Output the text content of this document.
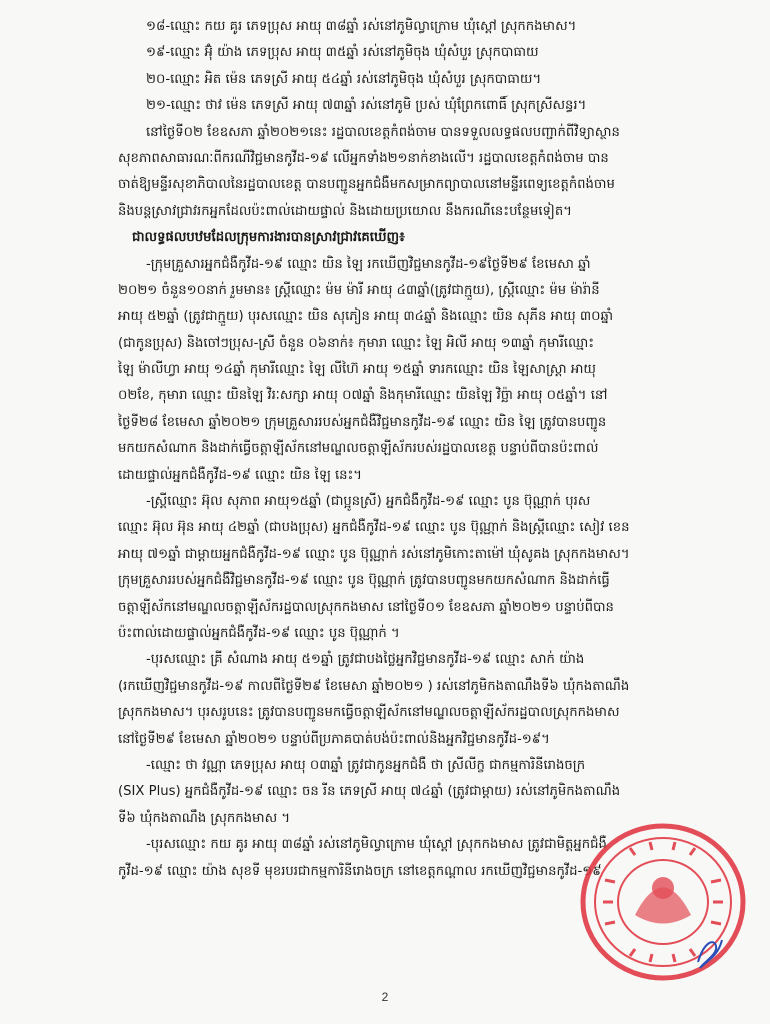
១៨-ឈ្មោះ កយ គូរ ភេទប្រុស អាយុ ៣៨ឆ្នាំ រស់នៅភូមិល្វាក្រោម ឃុំស្ដៅ ស្រុកកងមាស។
១៩-ឈ្មោះ អ៊ុំ យ៉ាង ភេទប្រុស អាយុ ៣៥ឆ្នាំ រស់នៅភូមិចុង ឃុំសំបួរ ស្រុកបាធាយ
២០-ឈ្មោះ អិត ម៉េន ភេទស្រី អាយុ ៥៤ឆ្នាំ រស់នៅភូមិចុង ឃុំសំបួរ ស្រុកបាធាយ។
២១-ឈ្មោះ ថាវ ម៉េន ភេទស្រី អាយុ ៧៣ឆ្នាំ រស់នៅភូមិ ប្រស់ ឃុំព្រែកពោធិ៍ ស្រុកស្រីសន្ធរ។
នៅថ្ងៃទី០២ ខែឧសភា ឆ្នាំ២០២១នេះ រដ្ឋបាលខេត្តកំពង់ចាម បានទទួលលទ្ធផលបញ្ជាក់ពីវិទ្យាស្ថាន
សុខភាពសាធារណៈពីករណីវិជ្ជមានកូវីដ-១៩ លើអ្នកទាំង២១នាក់ខាងលើ។ រដ្ឋបាលខេត្តកំពង់ចាម បាន
ចាត់ឱ្យមន្ទីរសុខាភិបាលនៃរដ្ឋបាលខេត្ត បានបញ្ជូនអ្នកជំងឺមកសម្រាកព្យាបាលនៅមន្ទីរពេទ្យខេត្តកំពង់ចាម
និងបន្តស្រាវជ្រាវរកអ្នកដែលប៉ះពាល់ដោយផ្ទាល់ និងដោយប្រយោល នឹងករណីនេះបន្ថែមទៀត។
ជាលទ្ធផលបឋមដែលក្រុមការងារបានស្រាវជ្រាវគេឃើញ៖
-ក្រុមគ្រួសារអ្នកជំងឺកូវីដ-១៩ ឈ្មោះ យិន ឡៃ រកឃើញវិជ្ជមានកូវីដ-១៩ថ្ងៃទី២៩ ខែមេសា ឆ្នាំ
២០២១ ចំនួន១០នាក់ រួមមាន៖ ស្ត្រីឈ្មោះ ម៉ម ម៉ារី អាយុ ៤៣ឆ្នាំ(ត្រូវជាក្មួយ), ស្ត្រីឈ្មោះ ម៉ម ម៉ារ៉ានី
អាយុ ៥២ឆ្នាំ (ត្រូវជាក្មួយ) បុរសឈ្មោះ យិន សុភៀន អាយុ ៣៤ឆ្នាំ និងឈ្មោះ យិន សុភីន អាយុ ៣០ឆ្នាំ
(ជាកូនប្រុស) និងចៅៗប្រុស-ស្រី ចំនួន ០៦នាក់៖ កុមារា ឈ្មោះ ឡៃ អិលី អាយុ ១៣ឆ្នាំ កុមារីឈ្មោះ
ឡៃ ម៉ាលីហ្វា អាយុ ១៤ឆ្នាំ កុមារីឈ្មោះ ឡៃ លីហ៊ៃ អាយុ ១៥ឆ្នាំ ទារកឈ្មោះ យិន ឡៃសាស្ត្រា អាយុ
០២ខែ, កុមារា ឈ្មោះ យិនឡៃ វិរៈសក្សា អាយុ ០៧ឆ្នាំ និងកុមារីឈ្មោះ យិនឡៃ វិច្ឆ៉ា អាយុ ០៥ឆ្នាំ។ នៅ
ថ្ងៃទី២៨ ខែមេសា ឆ្នាំ២០២១ ក្រុមគ្រួសាររបស់អ្នកជំងឺវិជ្ជមានកូវីដ-១៩ ឈ្មោះ យិន ឡៃ ត្រូវបានបញ្ជូន
មកយកសំណាក និងដាក់ធ្វើចត្តាឡីស័កនៅមណ្ឌលចត្តាឡីស័ករបស់រដ្ឋបាលខេត្ត បន្ទាប់ពីបានប៉ះពាល់
ដោយផ្ទាល់អ្នកជំងឺកូវីដ-១៩ ឈ្មោះ យិន ឡៃ នេះ។
-ស្ត្រីឈ្មោះ អ៊ុល សុភាព អាយុ១៥ឆ្នាំ (ជាប្អូនស្រី) អ្នកជំងឺកូវីដ-១៩ ឈ្មោះ បូន ប៊ុណ្ណាក់ បុរស
ឈ្មោះ អ៊ុល អ៊ុន អាយុ ៤២ឆ្នាំ (ជាបងប្រុស) អ្នកជំងឺកូវីដ-១៩ ឈ្មោះ បូន ប៊ុណ្ណាក់ និងស្ត្រីឈ្មោះ សៀវ ខេន
អាយុ ៧១ឆ្នាំ ជាម្ដាយអ្នកជំងឺកូវីដ-១៩ ឈ្មោះ បូន ប៊ុណ្ណាក់ រស់នៅភូមិកោះតាម៉ៅ ឃុំសូគង ស្រុកកងមាស។
ក្រុមគ្រួសាររបស់អ្នកជំងឺវិជ្ជមានកូវីដ-១៩ ឈ្មោះ បូន ប៊ុណ្ណាក់ ត្រូវបានបញ្ជូនមកយកសំណាក និងដាក់ធ្វើ
ចត្តាឡីស័កនៅមណ្ឌលចត្តាឡីស័ករដ្ឋបាលស្រុកកងមាស នៅថ្ងៃទី០១ ខែឧសភា ឆ្នាំ២០២១ បន្ទាប់ពីបាន
ប៉ះពាល់ដោយផ្ទាល់អ្នកជំងឺកូវីដ-១៩ ឈ្មោះ បូន ប៊ុណ្ណាក់ ។
-បុរសឈ្មោះ គ្រី សំណាង អាយុ ៥១ឆ្នាំ ត្រូវជាបងថ្លៃអ្នកវិជ្ជមានកូវីដ-១៩ ឈ្មោះ សាក់ យ៉ាង
(រកឃើញវិជ្ជមានកូវីដ-១៩ កាលពីថ្ងៃទី២៩ ខែមេសា ឆ្នាំ២០២១ ) រស់នៅភូមិកងតាណឹងទី៦ ឃុំកងតាណឹង
ស្រុកកងមាស។ បុរសរូបនេះ ត្រូវបានបញ្ជូនមកធ្វើចត្តាឡីស័កនៅមណ្ឌលចត្តាឡីស័ករដ្ឋបាលស្រុកកងមាស
នៅថ្ងៃទី២៩ ខែមេសា ឆ្នាំ២០២១ បន្ទាប់ពីប្រភាគបាត់បង់ប៉ះពាល់និងអ្នកវិជ្ជមានកូវីដ-១៩។
-ឈ្មោះ ថា វណ្ណា ភេទប្រុស អាយុ ០៣ឆ្នាំ ត្រូវជាកូនអ្នកជំងឺ ថា ស្រីលីក្ខ ជាកម្មការិនីរោងចក្រ
(SIX Plus) អ្នកជំងឺកូវីដ-១៩ ឈ្មោះ ចន រីន ភេទស្រី អាយុ ៧៤ឆ្នាំ (ត្រូវជាម្ដាយ) រស់នៅភូមិកងតាណឹង
ទី៦ ឃុំកងតាណឹង ស្រុកកងមាស ។
-បុរសឈ្មោះ កយ គូរ អាយុ ៣៨ឆ្នាំ រស់នៅភូមិល្វាក្រោម ឃុំស្ដៅ ស្រុកកងមាស ត្រូវជាមិត្តអ្នកជំងឺ
កូវីដ-១៩ ឈ្មោះ យ៉ាង សុខទី មុខរបរជាកម្មការិនីរោងចក្រ នៅខេត្តកណ្ដាល រកឃើញវិជ្ជមានកូវីដ-១៩
2
